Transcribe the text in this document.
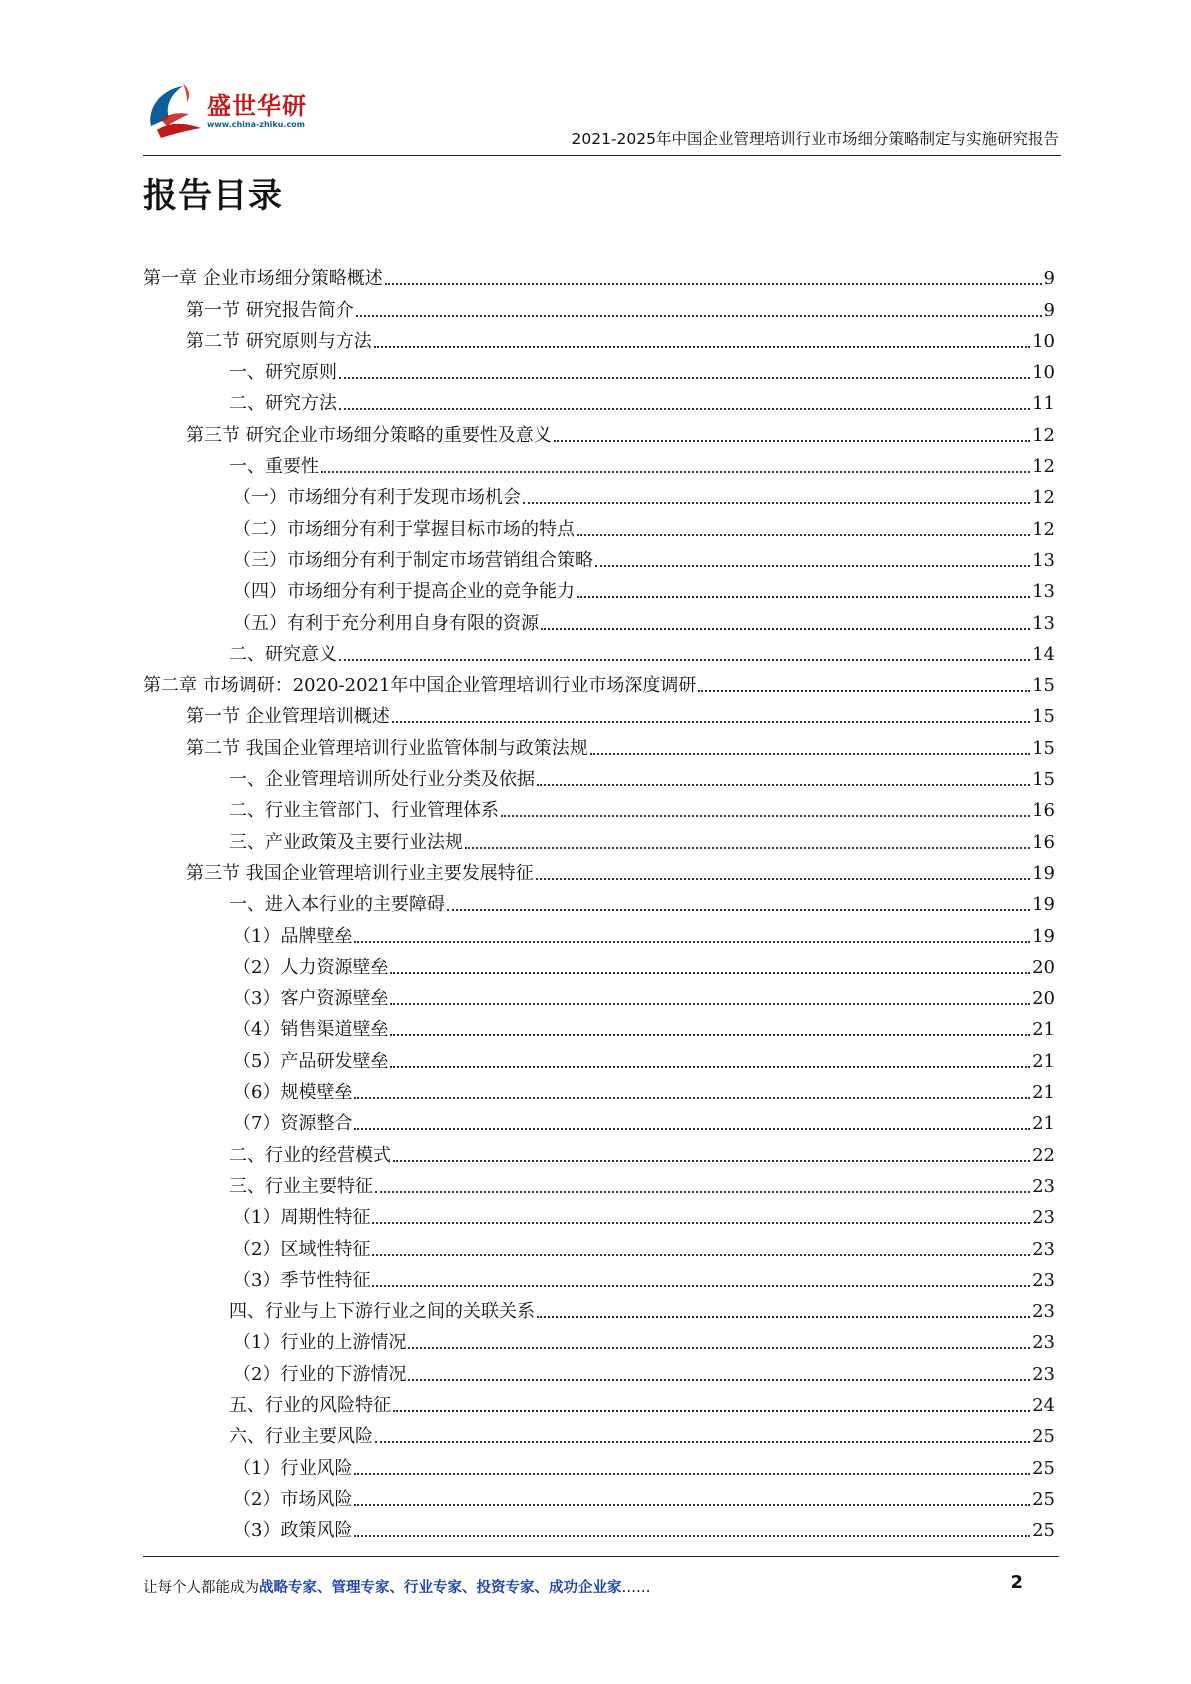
盛世华研
www.china-zhiku.com
2021-2025年中国企业管理培训行业市场细分策略制定与实施研究报告
报告目录
第一章 企业市场细分策略概述	9
第一节 研究报告简介	9
第二节 研究原则与方法	10
一、研究原则	10
二、研究方法	11
第三节 研究企业市场细分策略的重要性及意义	12
一、重要性	12
（一）市场细分有利于发现市场机会	12
（二）市场细分有利于掌握目标市场的特点	12
（三）市场细分有利于制定市场营销组合策略	13
（四）市场细分有利于提高企业的竞争能力	13
（五）有利于充分利用自身有限的资源	13
二、研究意义	14
第二章 市场调研：2020-2021年中国企业管理培训行业市场深度调研	15
第一节 企业管理培训概述	15
第二节 我国企业管理培训行业监管体制与政策法规	15
一、企业管理培训所处行业分类及依据	15
二、行业主管部门、行业管理体系	16
三、产业政策及主要行业法规	16
第三节 我国企业管理培训行业主要发展特征	19
一、进入本行业的主要障碍	19
（1）品牌壁垒	19
（2）人力资源壁垒	20
（3）客户资源壁垒	20
（4）销售渠道壁垒	21
（5）产品研发壁垒	21
（6）规模壁垒	21
（7）资源整合	21
二、行业的经营模式	22
三、行业主要特征	23
（1）周期性特征	23
（2）区域性特征	23
（3）季节性特征	23
四、行业与上下游行业之间的关联关系	23
（1）行业的上游情况	23
（2）行业的下游情况	23
五、行业的风险特征	24
六、行业主要风险	25
（1）行业风险	25
（2）市场风险	25
（3）政策风险	25
让每个人都能成为战略专家、管理专家、行业专家、投资专家、成功企业家……	2
